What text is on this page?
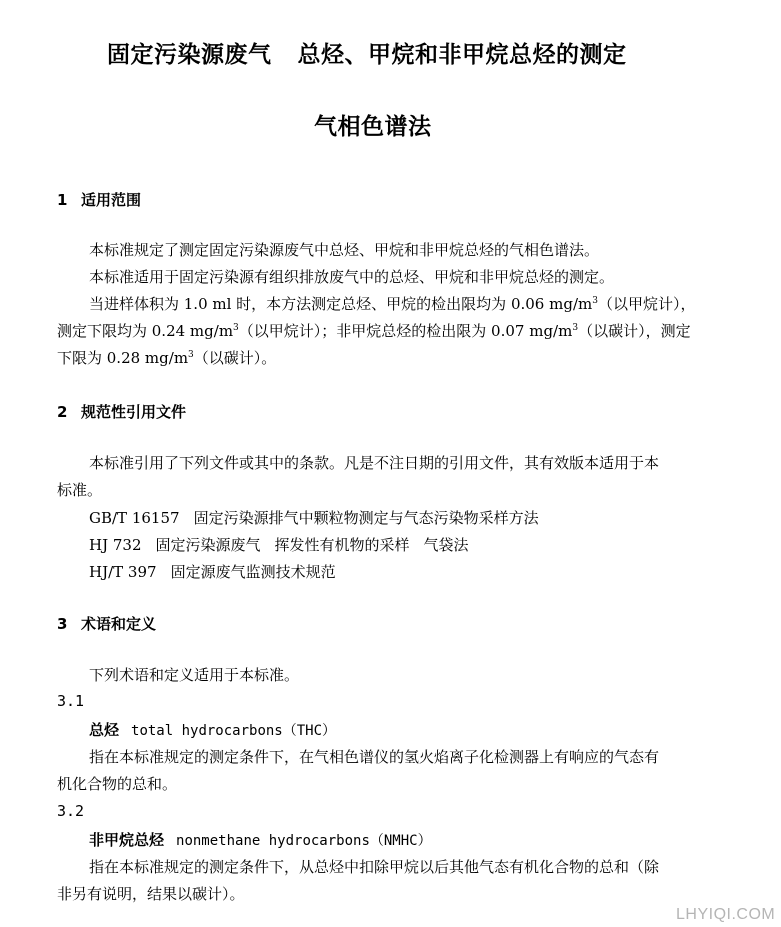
固定污染源废气 总烃、甲烷和非甲烷总烃的测定
气相色谱法
1 适用范围
本标准规定了测定固定污染源废气中总烃、甲烷和非甲烷总烃的气相色谱法。
本标准适用于固定污染源有组织排放废气中的总烃、甲烷和非甲烷总烃的测定。
当进样体积为 1.0 ml 时，本方法测定总烃、甲烷的检出限均为 0.06 $mg/m^3$（以甲烷计），
测定下限均为 0.24 $mg/m^3$（以甲烷计）；非甲烷总烃的检出限为 0.07 $mg/m^3$（以碳计），测定
下限为 0.28 $mg/m^3$（以碳计）。
2 规范性引用文件
本标准引用了下列文件或其中的条款。凡是不注日期的引用文件，其有效版本适用于本
标准。
GB/T 16157 固定污染源排气中颗粒物测定与气态污染物采样方法
HJ 732 固定污染源废气 挥发性有机物的采样 气袋法
HJ/T 397 固定源废气监测技术规范
3 术语和定义
下列术语和定义适用于本标准。
3.1
总烃 total hydrocarbons（THC）
指在本标准规定的测定条件下，在气相色谱仪的氢火焰离子化检测器上有响应的气态有
机化合物的总和。
3.2
非甲烷总烃 nonmethane hydrocarbons（NMHC）
指在本标准规定的测定条件下，从总烃中扣除甲烷以后其他气态有机化合物的总和（除
非另有说明，结果以碳计）。
LHYIQI.COM
